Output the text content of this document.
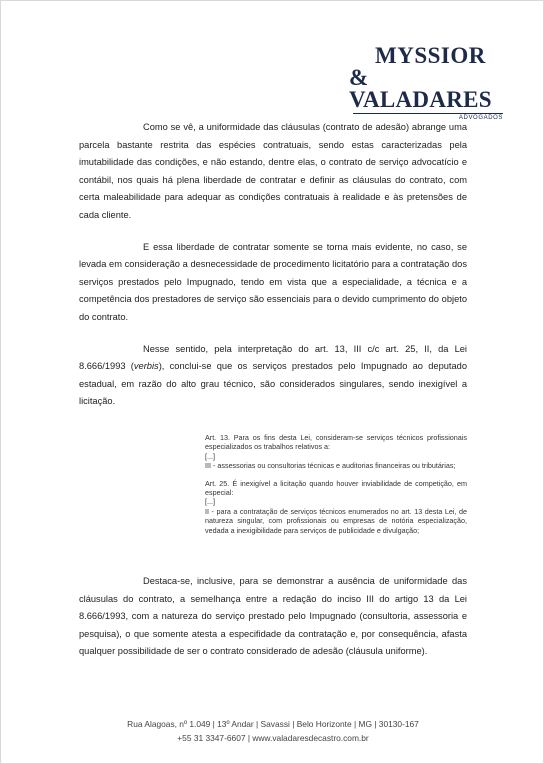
MYSSIOR
& VALADARES
ADVOGADOS

Como se vê, a uniformidade das cláusulas (contrato de adesão) abrange uma parcela bastante restrita das espécies contratuais, sendo estas caracterizadas pela imutabilidade das condições, e não estando, dentre elas, o contrato de serviço advocatício e contábil, nos quais há plena liberdade de contratar e definir as cláusulas do contrato, com certa maleabilidade para adequar as condições contratuais à realidade e às pretensões de cada cliente.

E essa liberdade de contratar somente se torna mais evidente, no caso, se levada em consideração a desnecessidade de procedimento licitatório para a contratação dos serviços prestados pelo Impugnado, tendo em vista que a especialidade, a técnica e a competência dos prestadores de serviço são essenciais para o devido cumprimento do objeto do contrato.

Nesse sentido, pela interpretação do art. 13, III c/c art. 25, II, da Lei 8.666/1993 (verbis), conclui-se que os serviços prestados pelo Impugnado ao deputado estadual, em razão do alto grau técnico, são considerados singulares, sendo inexigível a licitação.

Art. 13. Para os fins desta Lei, consideram-se serviços técnicos profissionais especializados os trabalhos relativos a:

[...]

III - assessorias ou consultorias técnicas e auditorias financeiras ou tributárias;

Art. 25. É inexigível a licitação quando houver inviabilidade de competição, em especial:

[...]

II - para a contratação de serviços técnicos enumerados no art. 13 desta Lei, de natureza singular, com profissionais ou empresas de notória especialização, vedada a inexigibilidade para serviços de publicidade e divulgação;

Destaca-se, inclusive, para se demonstrar a ausência de uniformidade das cláusulas do contrato, a semelhança entre a redação do inciso III do artigo 13 da Lei 8.666/1993, com a natureza do serviço prestado pelo Impugnado (consultoria, assessoria e pesquisa), o que somente atesta a especifidade da contratação e, por consequência, afasta qualquer possibilidade de ser o contrato considerado de adesão (cláusula uniforme).

Rua Alagoas, nº 1.049 | 13º Andar | Savassi | Belo Horizonte | MG | 30130-167
+55 31 3347-6607 | www.valadaresdecastro.com.br
